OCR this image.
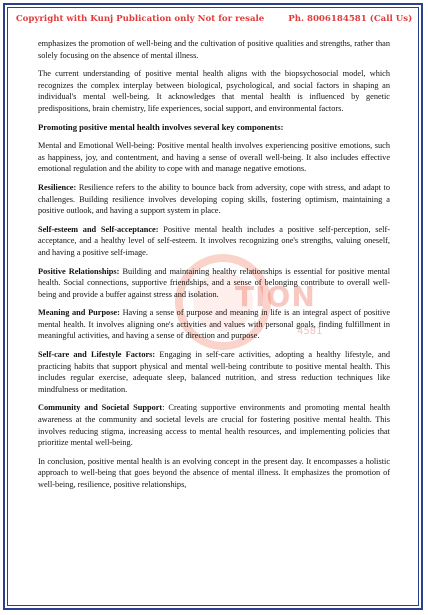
Copyright with Kunj Publication only Not for resale	Ph. 8006184581 (Call Us)
TION
4581

emphasizes the promotion of well-being and the cultivation of positive qualities and strengths, rather than solely focusing on the absence of mental illness.

The current understanding of positive mental health aligns with the biopsychosocial model, which recognizes the complex interplay between biological, psychological, and social factors in shaping an individual's mental well-being. It acknowledges that mental health is influenced by genetic predispositions, brain chemistry, life experiences, social support, and environmental factors.

Promoting positive mental health involves several key components:

Mental and Emotional Well-being: Positive mental health involves experiencing positive emotions, such as happiness, joy, and contentment, and having a sense of overall well-being. It also includes effective emotional regulation and the ability to cope with and manage negative emotions.

Resilience: Resilience refers to the ability to bounce back from adversity, cope with stress, and adapt to challenges. Building resilience involves developing coping skills, fostering optimism, maintaining a positive outlook, and having a support system in place.

Self-esteem and Self-acceptance: Positive mental health includes a positive self-perception, self-acceptance, and a healthy level of self-esteem. It involves recognizing one's strengths, valuing oneself, and having a positive self-image.

Positive Relationships: Building and maintaining healthy relationships is essential for positive mental health. Social connections, supportive friendships, and a sense of belonging contribute to overall well-being and provide a buffer against stress and isolation.

Meaning and Purpose: Having a sense of purpose and meaning in life is an integral aspect of positive mental health. It involves aligning one's activities and values with personal goals, finding fulfillment in meaningful activities, and having a sense of direction and purpose.

Self-care and Lifestyle Factors: Engaging in self-care activities, adopting a healthy lifestyle, and practicing habits that support physical and mental well-being contribute to positive mental health. This includes regular exercise, adequate sleep, balanced nutrition, and stress reduction techniques like mindfulness or meditation.

Community and Societal Support: Creating supportive environments and promoting mental health awareness at the community and societal levels are crucial for fostering positive mental health. This involves reducing stigma, increasing access to mental health resources, and implementing policies that prioritize mental well-being.

In conclusion, positive mental health is an evolving concept in the present day. It encompasses a holistic approach to well-being that goes beyond the absence of mental illness. It emphasizes the promotion of well-being, resilience, positive relationships,
